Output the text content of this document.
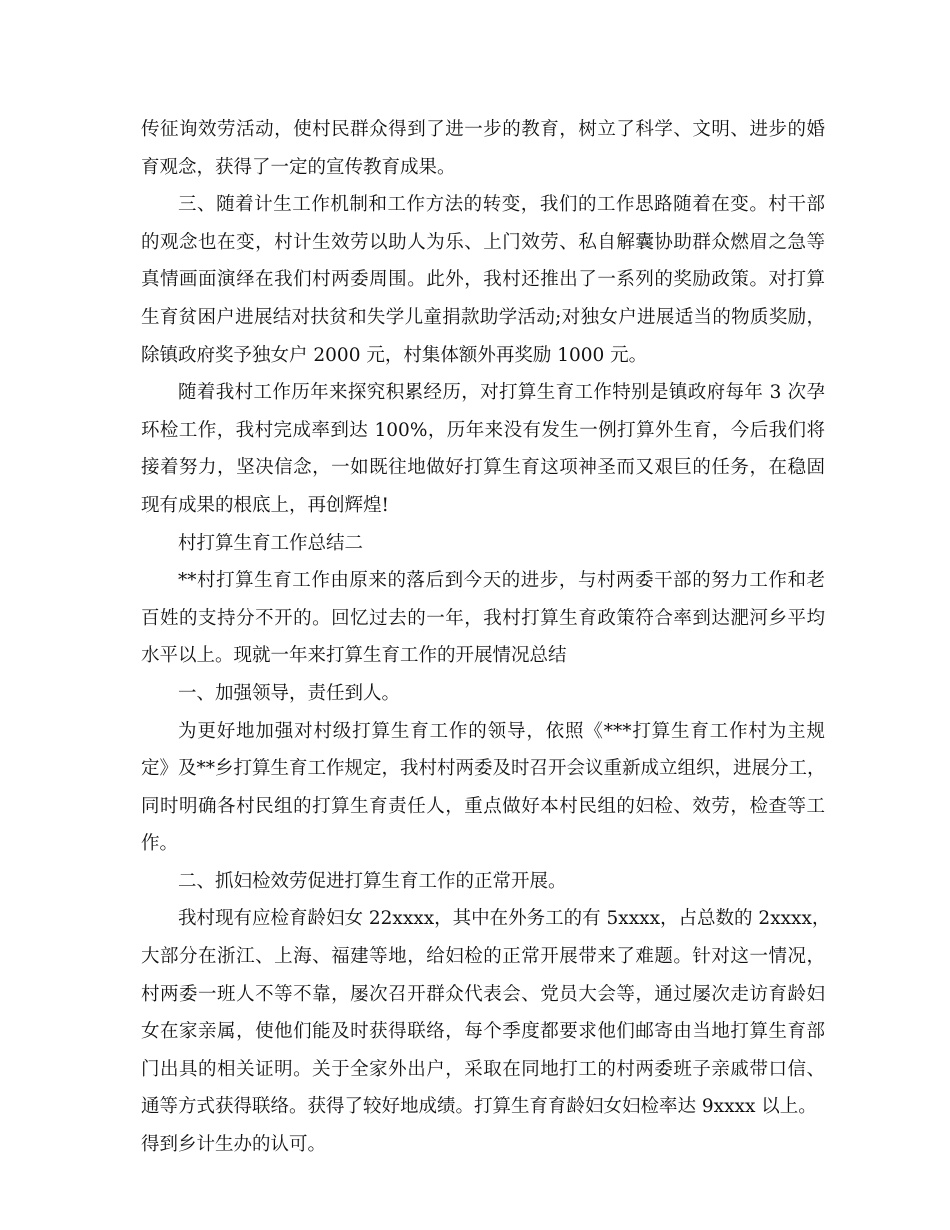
传征询效劳活动，使村民群众得到了进一步的教育，树立了科学、文明、进步的婚
育观念，获得了一定的宣传教育成果。
三、随着计生工作机制和工作方法的转变，我们的工作思路随着在变。村干部
的观念也在变，村计生效劳以助人为乐、上门效劳、私自解囊协助群众燃眉之急等
真情画面演绎在我们村两委周围。此外，我村还推出了一系列的奖励政策。对打算
生育贫困户进展结对扶贫和失学儿童捐款助学活动;对独女户进展适当的物质奖励，
除镇政府奖予独女户 2000 元，村集体额外再奖励 1000 元。
随着我村工作历年来探究积累经历，对打算生育工作特别是镇政府每年 3 次孕
环检工作，我村完成率到达 100%，历年来没有发生一例打算外生育，今后我们将
接着努力，坚决信念，一如既往地做好打算生育这项神圣而又艰巨的任务，在稳固
现有成果的根底上，再创辉煌!
村打算生育工作总结二
**村打算生育工作由原来的落后到今天的进步，与村两委干部的努力工作和老
百姓的支持分不开的。回忆过去的一年，我村打算生育政策符合率到达淝河乡平均
水平以上。现就一年来打算生育工作的开展情况总结
一、加强领导，责任到人。
为更好地加强对村级打算生育工作的领导，依照《***打算生育工作村为主规
定》及**乡打算生育工作规定，我村村两委及时召开会议重新成立组织，进展分工，
同时明确各村民组的打算生育责任人，重点做好本村民组的妇检、效劳，检查等工
作。
二、抓妇检效劳促进打算生育工作的正常开展。
我村现有应检育龄妇女 22xxxx，其中在外务工的有 5xxxx，占总数的 2xxxx，
大部分在浙江、上海、福建等地，给妇检的正常开展带来了难题。针对这一情况，
村两委一班人不等不靠，屡次召开群众代表会、党员大会等，通过屡次走访育龄妇
女在家亲属，使他们能及时获得联络，每个季度都要求他们邮寄由当地打算生育部
门出具的相关证明。关于全家外出户，采取在同地打工的村两委班子亲戚带口信、
通等方式获得联络。获得了较好地成绩。打算生育育龄妇女妇检率达 9xxxx 以上。
得到乡计生办的认可。
